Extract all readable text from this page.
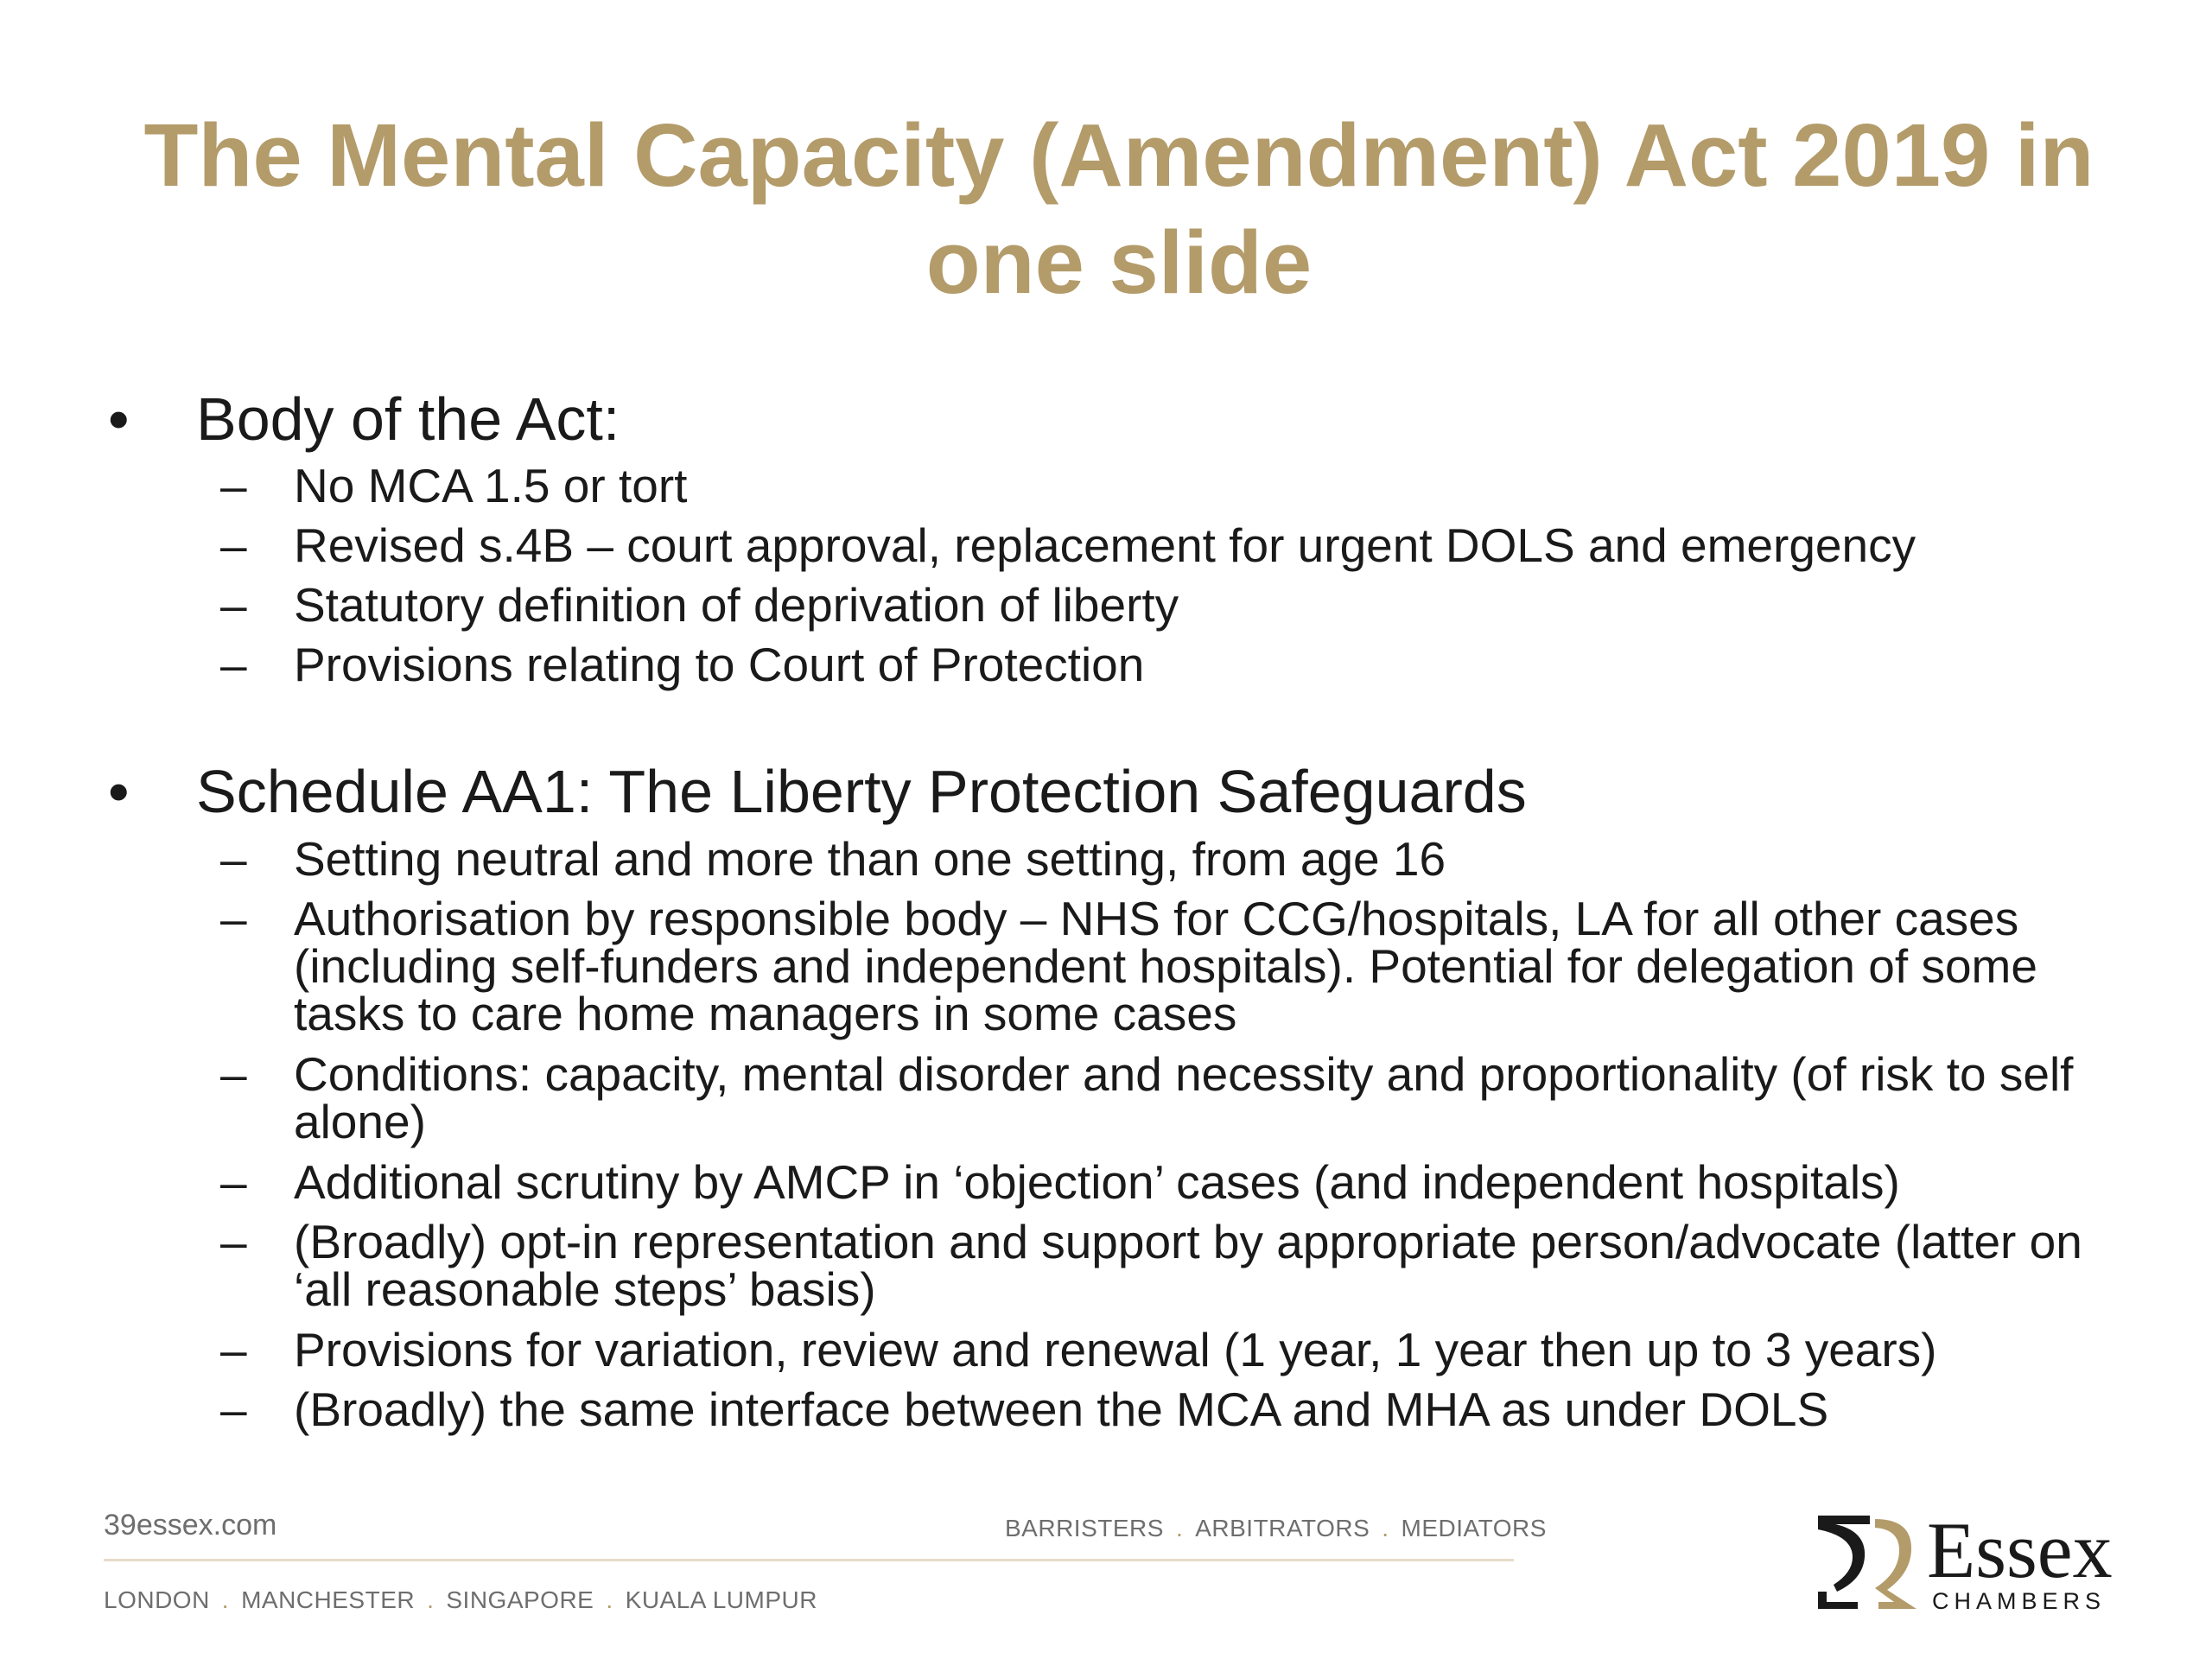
The Mental Capacity (Amendment) Act 2019 in
one slide
• Body of the Act:
– No MCA 1.5 or tort
– Revised s.4B – court approval, replacement for urgent DOLS and emergency
– Statutory definition of deprivation of liberty
– Provisions relating to Court of Protection
• Schedule AA1: The Liberty Protection Safeguards
– Setting neutral and more than one setting, from age 16
– Authorisation by responsible body – NHS for CCG/hospitals, LA for all other cases
(including self-funders and independent hospitals). Potential for delegation of some
tasks to care home managers in some cases
– Conditions: capacity, mental disorder and necessity and proportionality (of risk to self
alone)
– Additional scrutiny by AMCP in ‘objection’ cases (and independent hospitals)
– (Broadly) opt-in representation and support by appropriate person/advocate (latter on
‘all reasonable steps’ basis)
– Provisions for variation, review and renewal (1 year, 1 year then up to 3 years)
– (Broadly) the same interface between the MCA and MHA as under DOLS
39essex.com	BARRISTERS . ARBITRATORS . MEDIATORS
LONDON . MANCHESTER . SINGAPORE . KUALA LUMPUR
Essex
CHAMBERS
